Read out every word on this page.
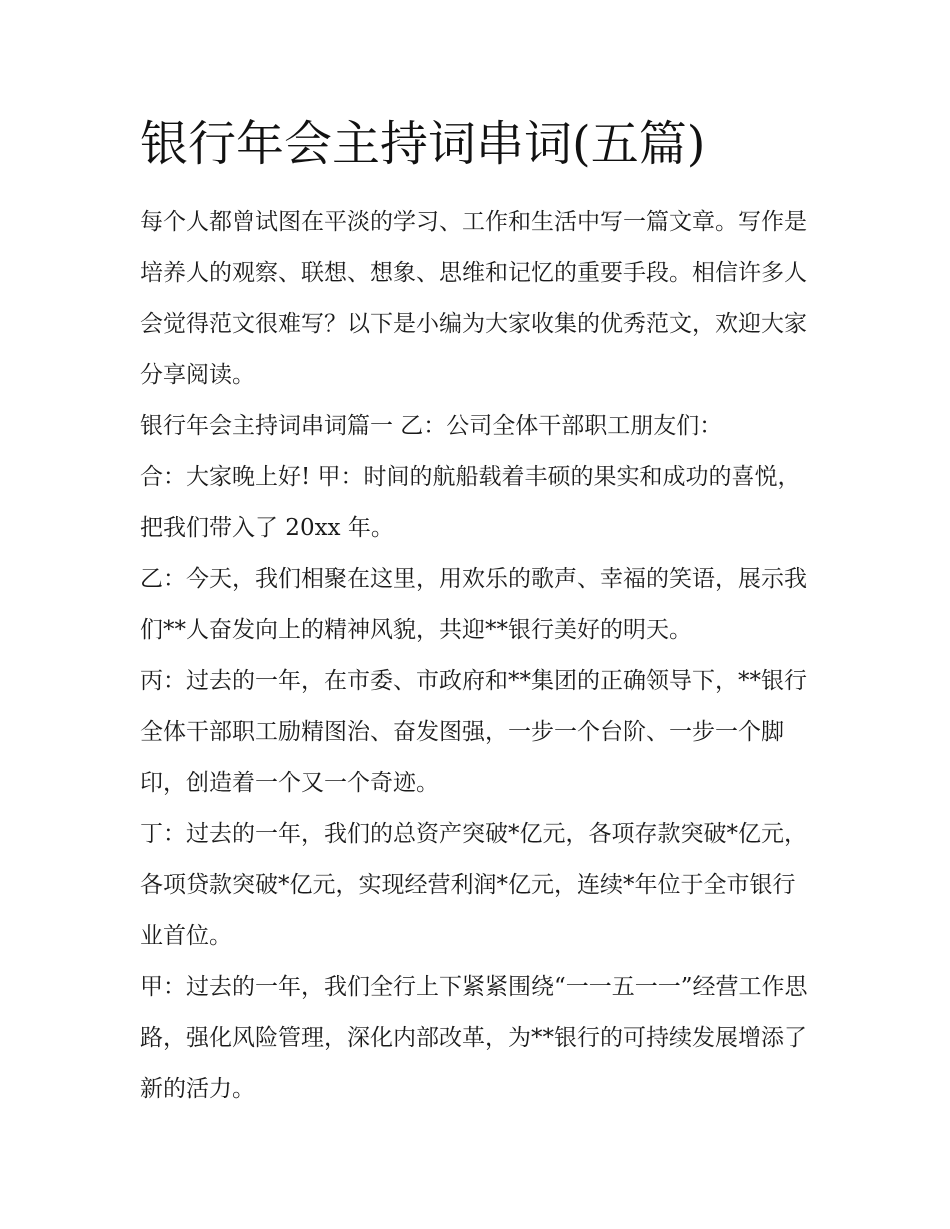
银行年会主持词串词(五篇)

每个人都曾试图在平淡的学习、工作和生活中写一篇文章。写作是培养人的观察、联想、想象、思维和记忆的重要手段。相信许多人会觉得范文很难写？以下是小编为大家收集的优秀范文，欢迎大家分享阅读。

银行年会主持词串词篇一 乙：公司全体干部职工朋友们：

合：大家晚上好! 甲：时间的航船载着丰硕的果实和成功的喜悦，把我们带入了 20xx 年。

乙：今天，我们相聚在这里，用欢乐的歌声、幸福的笑语，展示我们**人奋发向上的精神风貌，共迎**银行美好的明天。

丙：过去的一年，在市委、市政府和**集团的正确领导下，**银行全体干部职工励精图治、奋发图强，一步一个台阶、一步一个脚印，创造着一个又一个奇迹。

丁：过去的一年，我们的总资产突破*亿元，各项存款突破*亿元，各项贷款突破*亿元，实现经营利润*亿元，连续*年位于全市银行业首位。

甲：过去的一年，我们全行上下紧紧围绕“一一五一一”经营工作思路，强化风险管理，深化内部改革，为**银行的可持续发展增添了新的活力。
